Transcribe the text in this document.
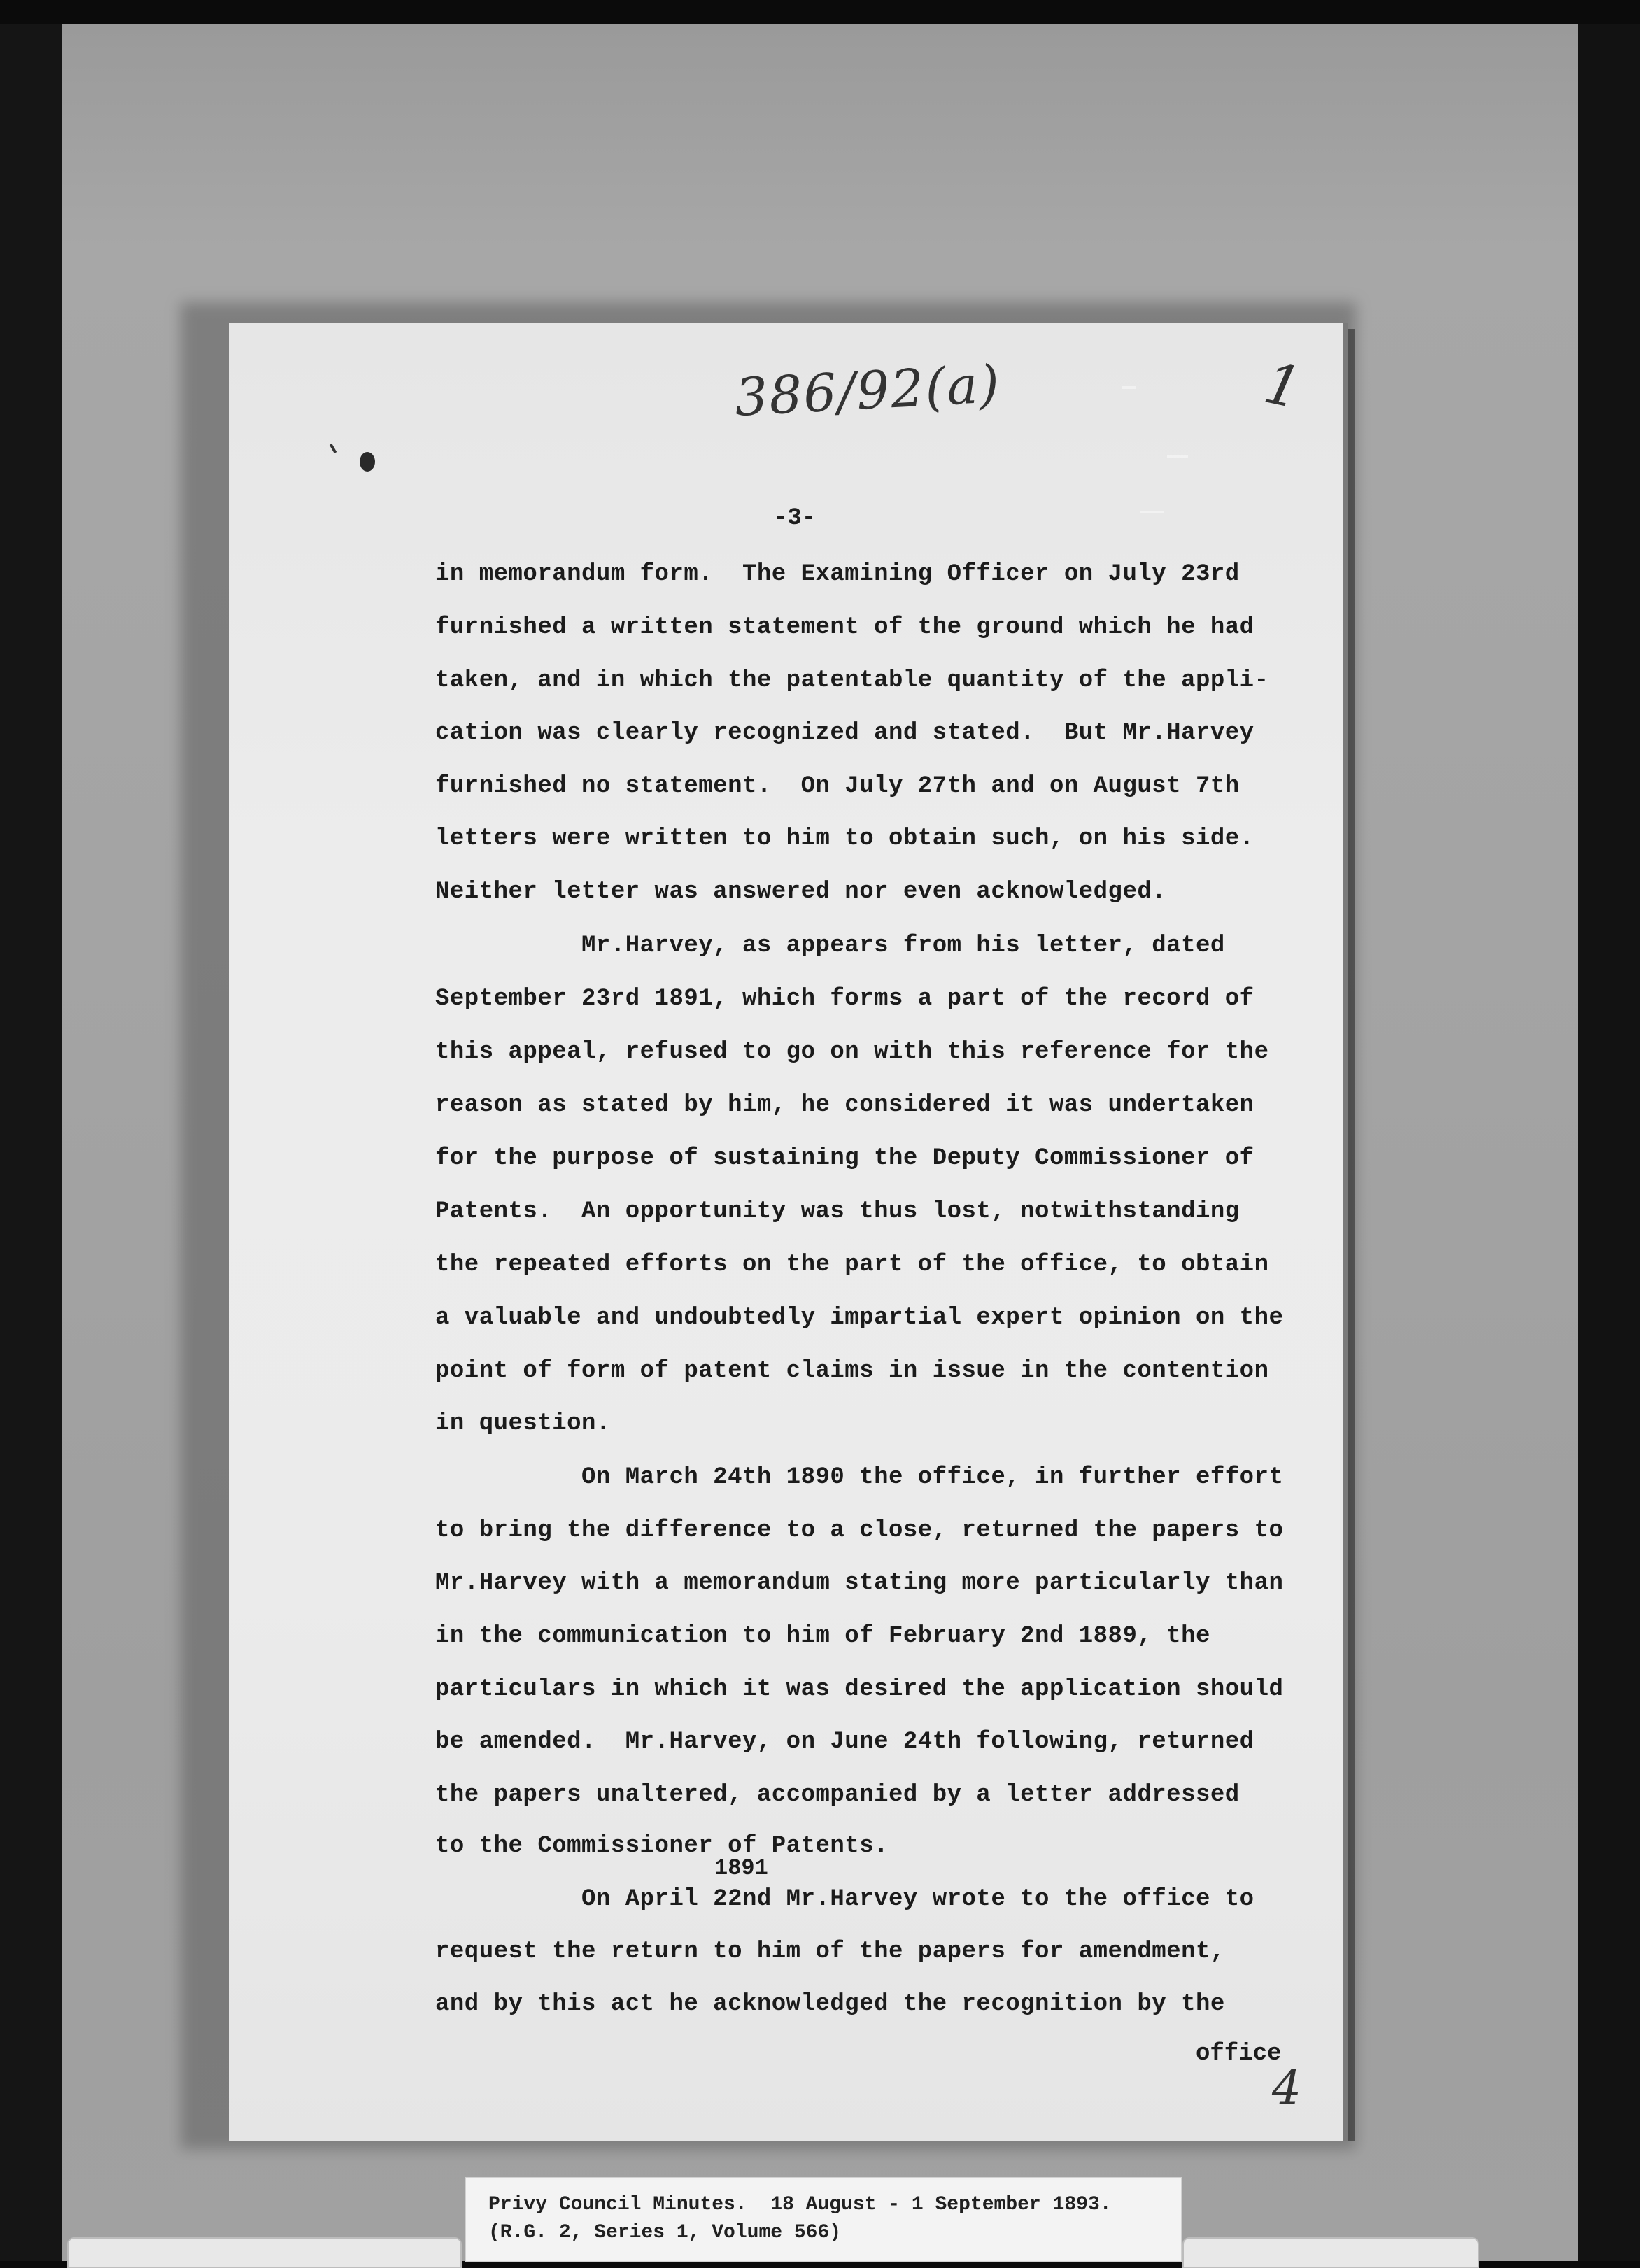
386/92(a)	1
-3-
in memorandum form.  The Examining Officer on July 23rd
furnished a written statement of the ground which he had
taken, and in which the patentable quantity of the appli-
cation was clearly recognized and stated.  But Mr.Harvey
furnished no statement.  On July 27th and on August 7th
letters were written to him to obtain such, on his side.
Neither letter was answered nor even acknowledged.
Mr.Harvey, as appears from his letter, dated
September 23rd 1891, which forms a part of the record of
this appeal, refused to go on with this reference for the
reason as stated by him, he considered it was undertaken
for the purpose of sustaining the Deputy Commissioner of
Patents.  An opportunity was thus lost, notwithstanding
the repeated efforts on the part of the office, to obtain
a valuable and undoubtedly impartial expert opinion on the
point of form of patent claims in issue in the contention
in question.
On March 24th 1890 the office, in further effort
to bring the difference to a close, returned the papers to
Mr.Harvey with a memorandum stating more particularly than
in the communication to him of February 2nd 1889, the
particulars in which it was desired the application should
be amended.  Mr.Harvey, on June 24th following, returned
the papers unaltered, accompanied by a letter addressed
to the Commissioner of Patents.
1891
On April 22nd Mr.Harvey wrote to the office to
request the return to him of the papers for amendment,
and by this act he acknowledged the recognition by the
office
4
Privy Council Minutes.  18 August - 1 September 1893.
(R.G. 2, Series 1, Volume 566)
